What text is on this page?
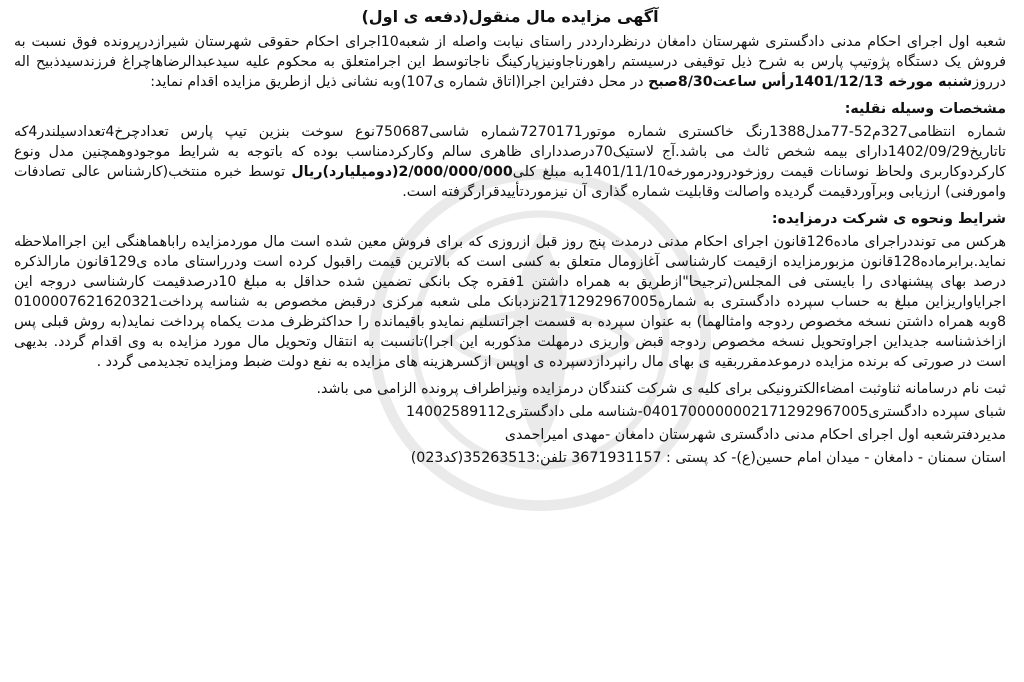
آگهی مزایده مال منقول(دفعه ی اول)

شعبه اول اجرای احکام مدنی دادگستری شهرستان دامغان درنظردارددر راستای نیابت واصله از شعبه10اجرای احکام حقوقی شهرستان شیرازدرپرونده فوق نسبت به فروش یک دستگاه پژوتیپ پارس به شرح ذیل توقیفی درسیستم راهورناجاونیزپارکینگ ناجاتوسط این اجرامتعلق به محکوم علیه سیدعبدالرضاهاچراغ فرزندسیدذبیح اله درروزشنبه مورخه 1401/12/13رأس ساعت8/30صبح در محل دفتراین اجرا(اتاق شماره ی107)وبه نشانی ذیل ازطریق مزایده اقدام نماید:

مشخصات وسیله نقلیه:

شماره انتظامی327م52-77مدل1388رنگ خاکستری شماره موتور7270171شماره شاسی750687نوع سوخت بنزین تیپ پارس تعدادچرخ4تعدادسیلندر4که تاتاریخ1402/09/29دارای بیمه شخص ثالث می باشد.آج لاستیک70درصددارای ظاهری سالم وکارکردمناسب بوده که باتوجه به شرایط موجودوهمچنین مدل ونوع کارکردوکاربری ولحاظ نوسانات قیمت روزخودرودرمورخه1401/11/10به مبلغ کلی2/000/000/000(دومیلیارد)ریال توسط خبره منتخب(کارشناس عالی تصادفات وامورفنی) ارزیابی وبرآوردقیمت گردیده واصالت وقابلیت شماره گذاری آن نیزموردتأییدقرارگرفته است.

شرایط ونحوه ی شرکت درمزایده:

هرکس می تونددراجرای ماده126قانون اجرای احکام مدنی درمدت پنج روز قبل ازروزی که برای فروش معین شده است مال موردمزایده راباهماهنگی این اجرااملاحظه نماید.برابرماده128قانون مزبورمزایده ازقیمت کارشناسی آغازومال متعلق به کسی است که بالاترین قیمت راقبول کرده است ودرراستای ماده ی129قانون مارالذکره درصد بهای پیشنهادی را بایستی فی المجلس(ترجیحا"ازطریق به همراه داشتن 1فقره چک بانکی تضمین شده حداقل به مبلغ 10درصدقیمت کارشناسی دروجه این اجرایاواریزاین مبلغ به حساب سپرده دادگستری به شماره2171292967005نزدبانک ملی شعبه مرکزی درقبض مخصوص به شناسه پرداخت0100007621620321 8وبه همراه داشتن نسخه مخصوص ردوجه وامثالهما) به عنوان سپرده به قسمت اجراتسلیم نمایدو باقیمانده را حداکثرظرف مدت یکماه پرداخت نماید(به روش قبلی پس ازاخذشناسه جدیداین اجراوتحویل نسخه مخصوص ردوجه قبض واریزی درمهلت مذکوربه این اجرا)تانسبت به انتقال وتحویل مال مورد مزایده به وی اقدام گردد. بدیهی است در صورتی که برنده مزایده درموعدمقرربقیه ی بهای مال رانپردازدسپرده ی اوپس ازکسرهزینه های مزایده به نفع دولت ضبط ومزایده تجدیدمی گردد .

ثبت نام درسامانه ثناوثبت امضاءالکترونیکی برای کلیه ی شرکت کنندگان درمزایده ونیزاطراف پرونده الزامی می باشد.

شبای سپرده دادگستری0401700000002171292967005-شناسه ملی دادگستری14002589112

مدیردفترشعبه اول اجرای احکام مدنی دادگستری شهرستان دامغان -مهدی امیراحمدی

استان سمنان - دامغان - میدان امام حسین(ع)- کد پستی : 3671931157 تلفن:35263513(کد023)
